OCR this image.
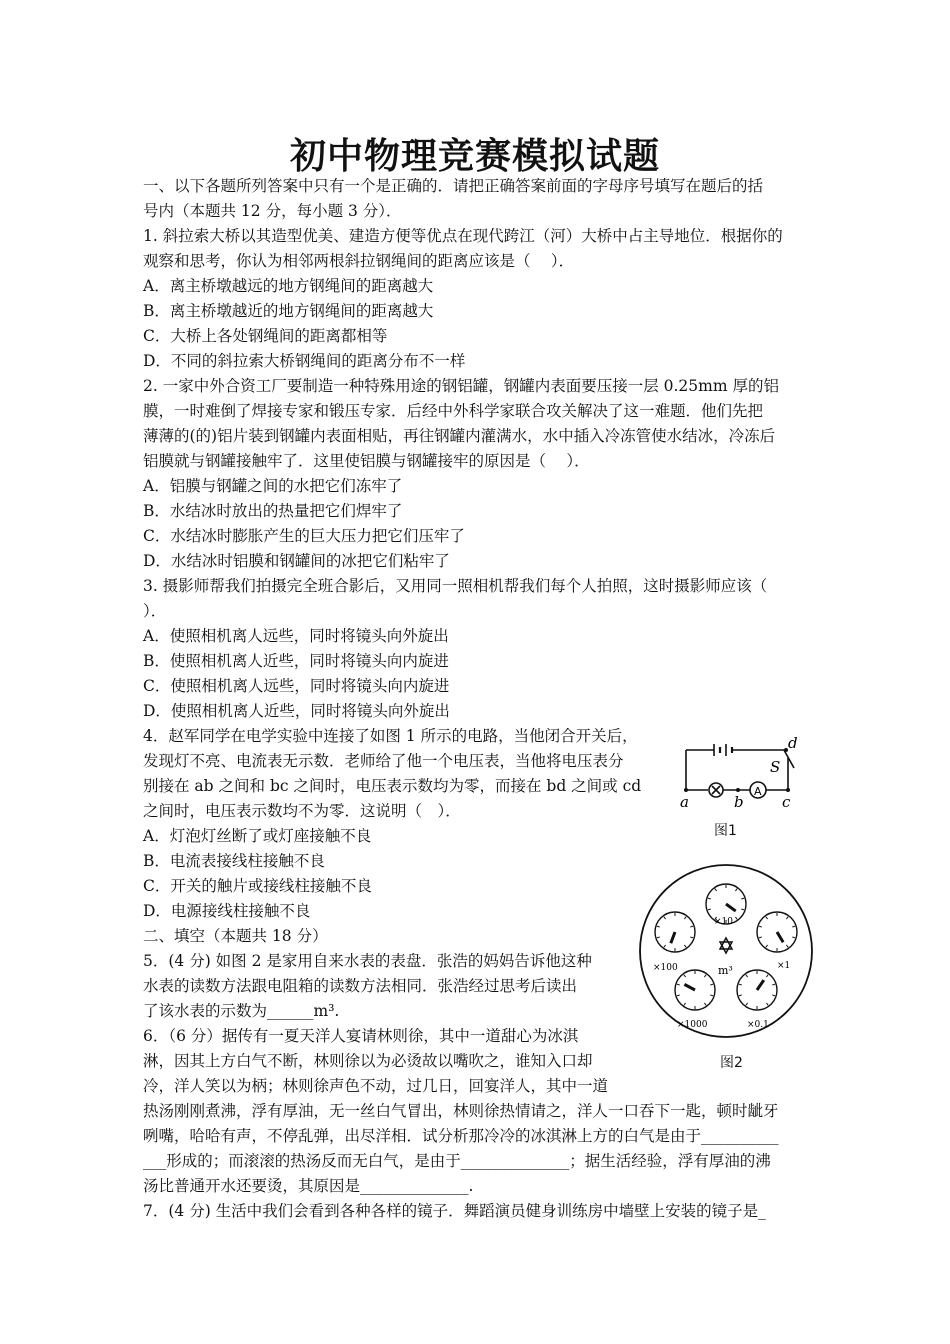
初中物理竞赛模拟试题
一、以下各题所列答案中只有一个是正确的．请把正确答案前面的字母序号填写在题后的括
号内（本题共 12 分，每小题 3 分）．
1. 斜拉索大桥以其造型优美、建造方便等优点在现代跨江（河）大桥中占主导地位．根据你的
观察和思考，你认为相邻两根斜拉钢绳间的距离应该是（　 ）．
A．离主桥墩越远的地方钢绳间的距离越大
B．离主桥墩越近的地方钢绳间的距离越大
C．大桥上各处钢绳间的距离都相等
D．不同的斜拉索大桥钢绳间的距离分布不一样
2. 一家中外合资工厂要制造一种特殊用途的钢铝罐，钢罐内表面要压接一层 0.25mm 厚的铝
膜，一时难倒了焊接专家和锻压专家．后经中外科学家联合攻关解决了这一难题．他们先把
薄薄的(的)铝片装到钢罐内表面相贴，再往钢罐内灌满水，水中插入冷冻管使水结冰，冷冻后
铝膜就与钢罐接触牢了．这里使铝膜与钢罐接牢的原因是（　 ）．
A．铝膜与钢罐之间的水把它们冻牢了
B．水结冰时放出的热量把它们焊牢了
C．水结冰时膨胀产生的巨大压力把它们压牢了
D．水结冰时铝膜和钢罐间的冰把它们粘牢了
3. 摄影师帮我们拍摄完全班合影后，又用同一照相机帮我们每个人拍照，这时摄影师应该（
）．
A．使照相机离人远些，同时将镜头向外旋出
B．使照相机离人近些，同时将镜头向内旋进
C．使照相机离人远些，同时将镜头向内旋进
D．使照相机离人近些，同时将镜头向外旋出
4．赵军同学在电学实验中连接了如图 1 所示的电路，当他闭合开关后，
发现灯不亮、电流表无示数．老师给了他一个电压表，当他将电压表分
别接在 ab 之间和 bc 之间时，电压表示数均为零，而接在 bd 之间或 cd
之间时，电压表示数均不为零．这说明（　）．
A．灯泡灯丝断了或灯座接触不良
B．电流表接线柱接触不良
C．开关的触片或接线柱接触不良
D．电源接线柱接触不良
二、填空（本题共 18 分）
5．(4 分) 如图 2 是家用自来水表的表盘．张浩的妈妈告诉他这种
水表的读数方法跟电阻箱的读数方法相同．张浩经过思考后读出
了该水表的示数为______m³.
6．（6 分）据传有一夏天洋人宴请林则徐，其中一道甜心为冰淇
淋，因其上方白气不断，林则徐以为必烫故以嘴吹之，谁知入口却
冷，洋人笑以为柄；林则徐声色不动，过几日，回宴洋人，其中一道
热汤刚刚煮沸，浮有厚油，无一丝白气冒出，林则徐热情请之，洋人一口吞下一匙，顿时龇牙
咧嘴，哈哈有声，不停乱弹，出尽洋相．试分析那冷冷的冰淇淋上方的白气是由于__________
___形成的；而滚滚的热汤反而无白气，是由于______________；据生活经验，浮有厚油的沸
汤比普通开水还要烫，其原因是______________.
7．(4 分) 生活中我们会看到各种各样的镜子．舞蹈演员健身训练房中墙壁上安装的镜子是_
A
a	b	c
d
S
图1
m³
×10
×100	×1
×1000	×0.1
图2
